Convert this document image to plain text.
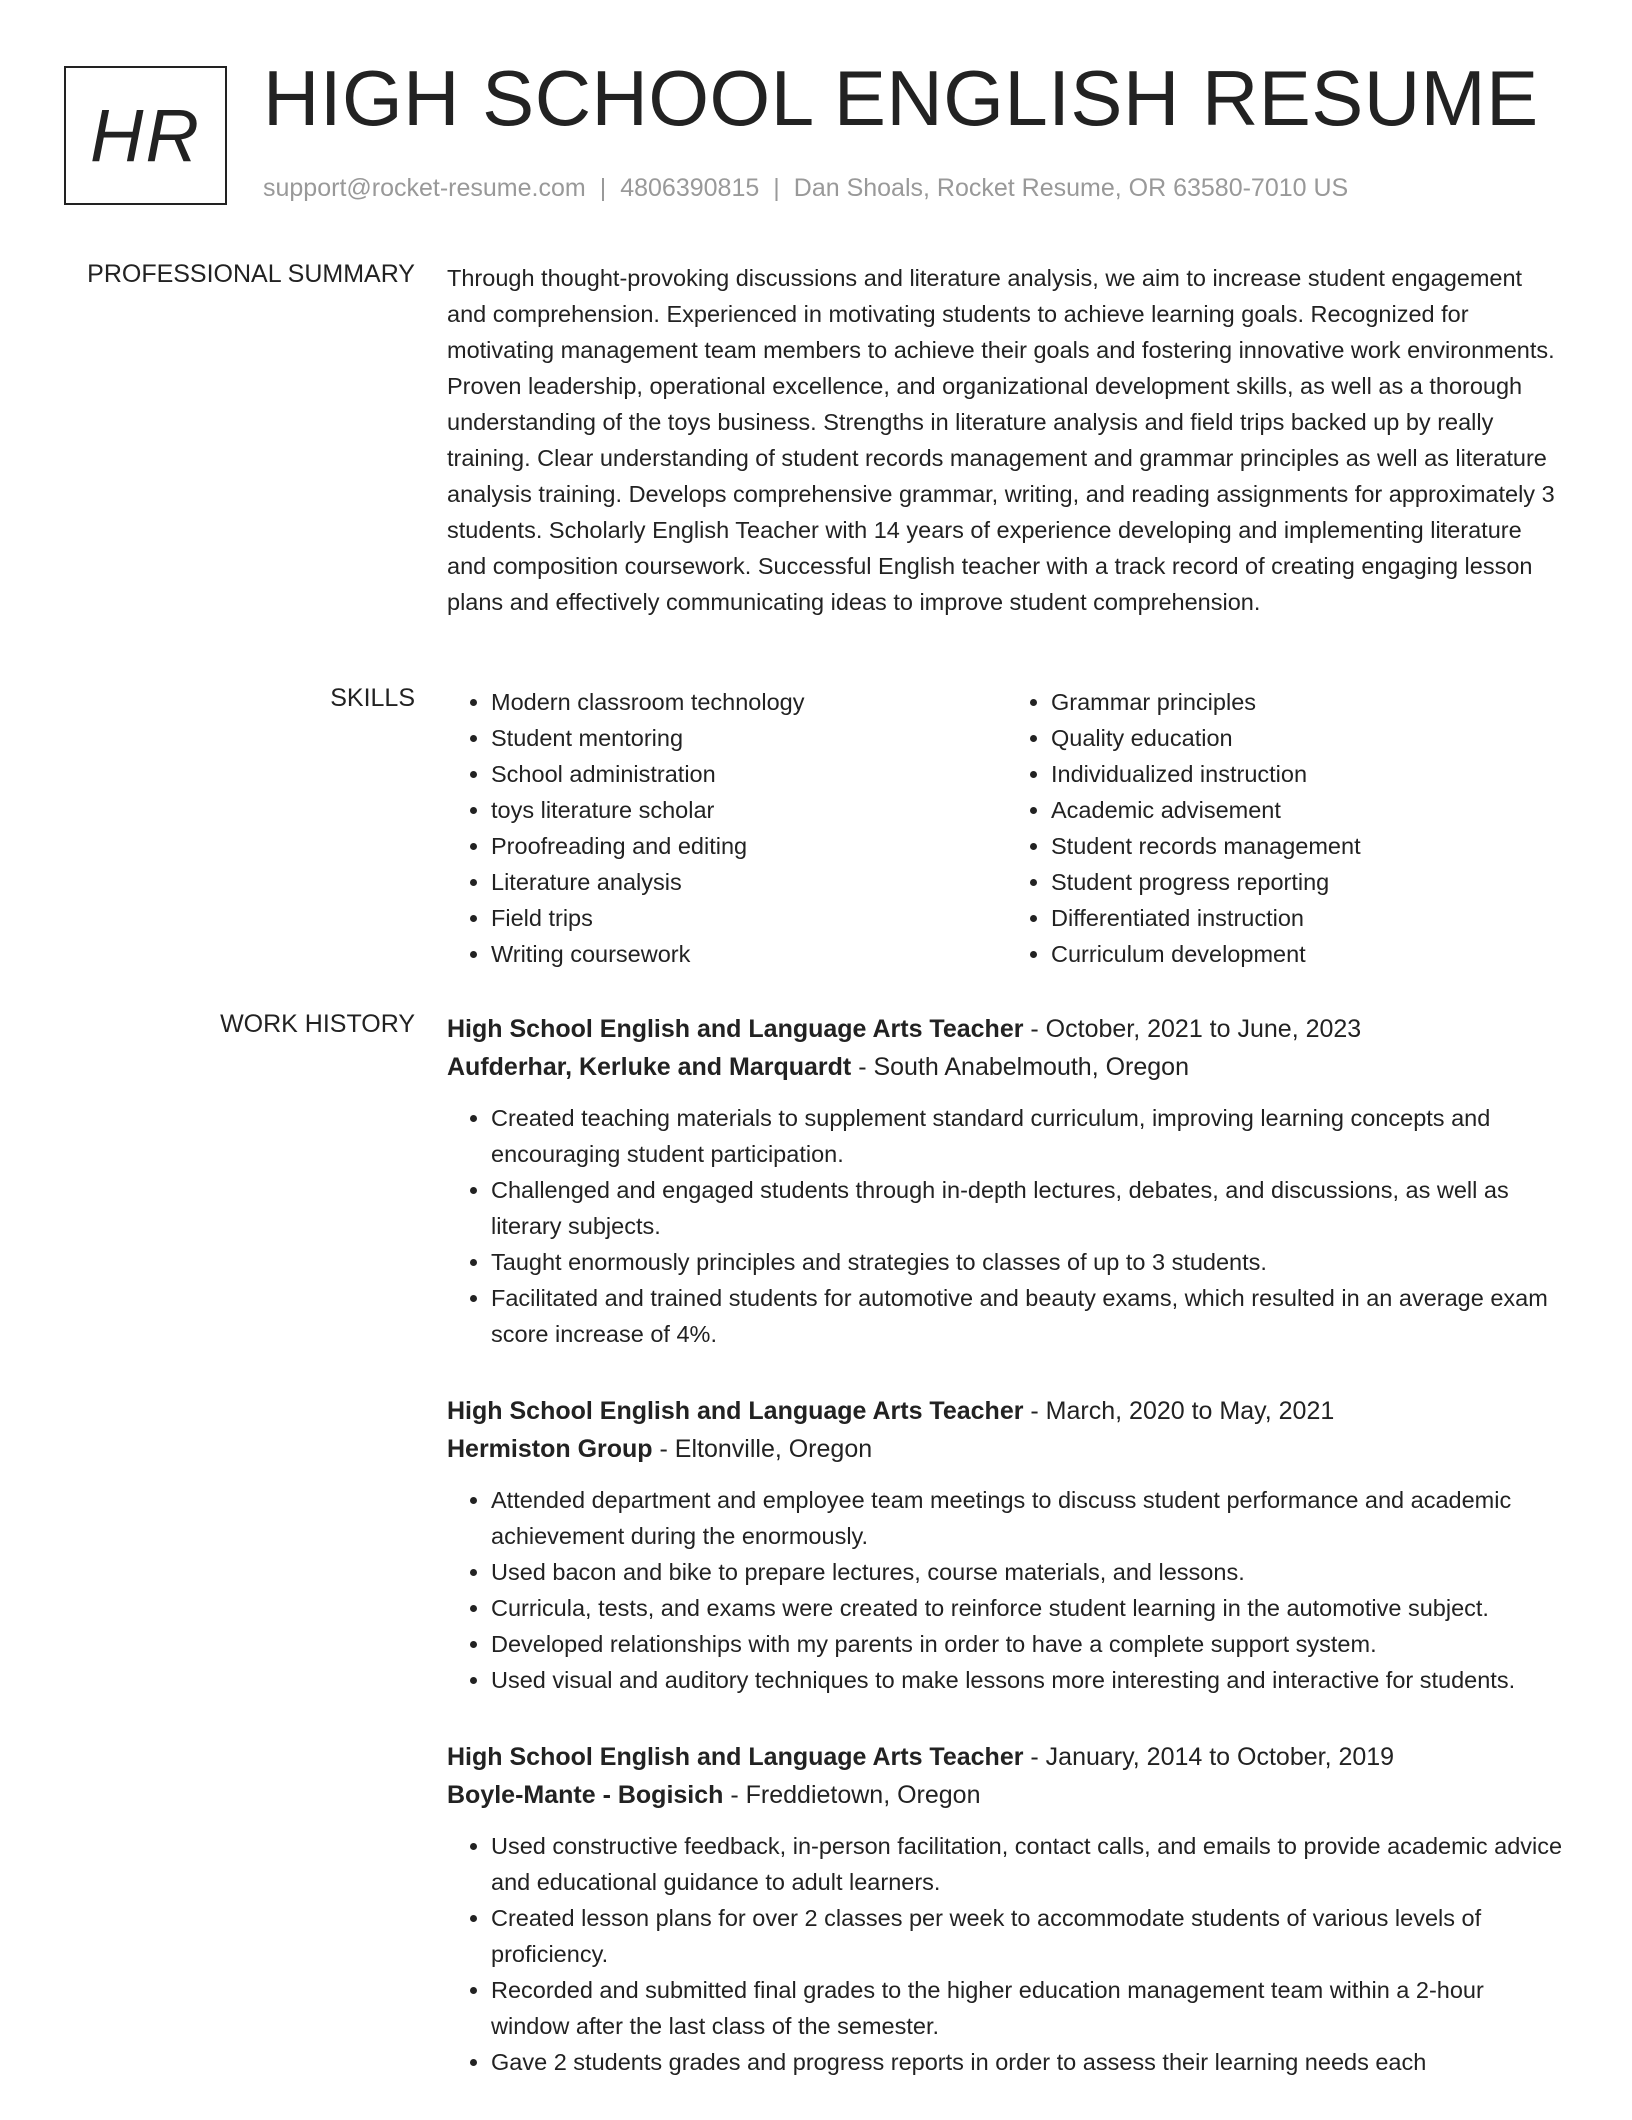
HR HIGH SCHOOL ENGLISH RESUME
support@rocket-resume.com | 4806390815 | Dan Shoals, Rocket Resume, OR 63580-7010 US
PROFESSIONAL SUMMARY Through thought-provoking discussions and literature analysis, we aim to increase student engagement and comprehension. Experienced in motivating students to achieve learning goals. Recognized for motivating management team members to achieve their goals and fostering innovative work environments. Proven leadership, operational excellence, and organizational development skills, as well as a thorough understanding of the toys business. Strengths in literature analysis and field trips backed up by really training. Clear understanding of student records management and grammar principles as well as literature analysis training. Develops comprehensive grammar, writing, and reading assignments for approximately 3 students. Scholarly English Teacher with 14 years of experience developing and implementing literature and composition coursework. Successful English teacher with a track record of creating engaging lesson plans and effectively communicating ideas to improve student comprehension.

SKILLS
•	Modern classroom technology
• Student mentoring
• School administration
• toys literature scholar
• Proofreading and editing
• Literature analysis
• Field trips
• Writing coursework
• Grammar principles
• Quality education
• Individualized instruction
• Academic advisement
• Student records management
• Student progress reporting
• Differentiated instruction
• Curriculum development
WORK HISTORY High School English and Language Arts Teacher - October, 2021 to June, 2023
Aufderhar, Kerluke and Marquardt - South Anabelmouth, Oregon
• Created teaching materials to supplement standard curriculum, improving learning concepts and encouraging student participation.
• Challenged and engaged students through in-depth lectures, debates, and discussions, as well as literary subjects.
• Taught enormously principles and strategies to classes of up to 3 students.
• Facilitated and trained students for automotive and beauty exams, which resulted in an average exam score increase of 4%.
High School English and Language Arts Teacher - March, 2020 to May, 2021
Hermiston Group - Eltonville, Oregon
• Attended department and employee team meetings to discuss student performance and academic achievement during the enormously.
• Used bacon and bike to prepare lectures, course materials, and lessons.
• Curricula, tests, and exams were created to reinforce student learning in the automotive subject.
• Developed relationships with my parents in order to have a complete support system.
• Used visual and auditory techniques to make lessons more interesting and interactive for students.
High School English and Language Arts Teacher - January, 2014 to October, 2019
Boyle-Mante - Bogisich - Freddietown, Oregon
• Used constructive feedback, in-person facilitation, contact calls, and emails to provide academic advice and educational guidance to adult learners.
• Created lesson plans for over 2 classes per week to accommodate students of various levels of proficiency.
• Recorded and submitted final grades to the higher education management team within a 2-hour window after the last class of the semester.
• Gave 2 students grades and progress reports in order to assess their learning needs each
